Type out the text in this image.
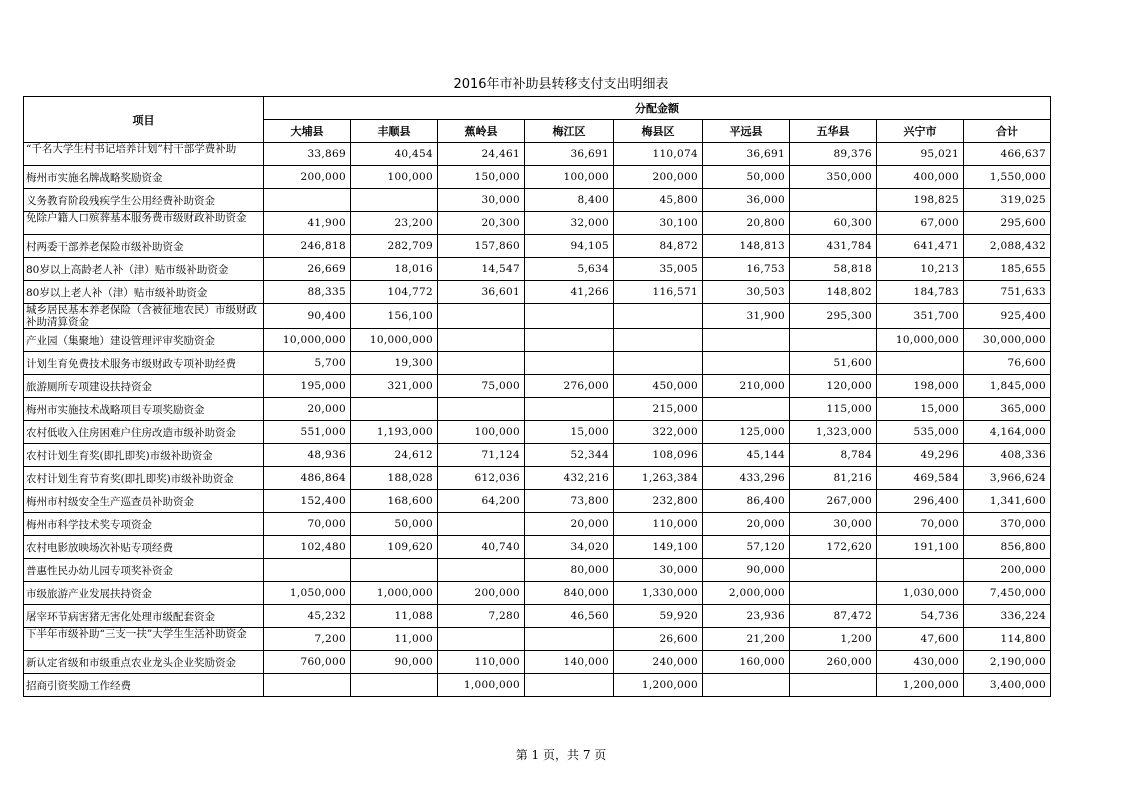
2016年市补助县转移支付支出明细表
项目	分配金额								
	大埔县	丰顺县	蕉岭县	梅江区	梅县区	平远县	五华县	兴宁市	合计
“千名大学生村书记培养计划”村干部学费补助	33,869	40,454	24,461	36,691	110,074	36,691	89,376	95,021	466,637
梅州市实施名牌战略奖励资金	200,000	100,000	150,000	100,000	200,000	50,000	350,000	400,000	1,550,000
义务教育阶段残疾学生公用经费补助资金			30,000	8,400	45,800	36,000		198,825	319,025
免除户籍人口殡葬基本服务费市级财政补助资金	41,900	23,200	20,300	32,000	30,100	20,800	60,300	67,000	295,600
村两委干部养老保险市级补助资金	246,818	282,709	157,860	94,105	84,872	148,813	431,784	641,471	2,088,432
80岁以上高龄老人补（津）贴市级补助资金	26,669	18,016	14,547	5,634	35,005	16,753	58,818	10,213	185,655
80岁以上老人补（津）贴市级补助资金	88,335	104,772	36,601	41,266	116,571	30,503	148,802	184,783	751,633
城乡居民基本养老保险（含被征地农民）市级财政补助清算资金	90,400	156,100				31,900	295,300	351,700	925,400
产业园（集聚地）建设管理评审奖励资金	10,000,000	10,000,000						10,000,000	30,000,000
计划生育免费技术服务市级财政专项补助经费	5,700	19,300					51,600		76,600
旅游厕所专项建设扶持资金	195,000	321,000	75,000	276,000	450,000	210,000	120,000	198,000	1,845,000
梅州市实施技术战略项目专项奖励资金	20,000				215,000		115,000	15,000	365,000
农村低收入住房困难户住房改造市级补助资金	551,000	1,193,000	100,000	15,000	322,000	125,000	1,323,000	535,000	4,164,000
农村计划生育奖(即扎即奖)市级补助资金	48,936	24,612	71,124	52,344	108,096	45,144	8,784	49,296	408,336
农村计划生育节育奖(即扎即奖)市级补助资金	486,864	188,028	612,036	432,216	1,263,384	433,296	81,216	469,584	3,966,624
梅州市村级安全生产巡查员补助资金	152,400	168,600	64,200	73,800	232,800	86,400	267,000	296,400	1,341,600
梅州市科学技术奖专项资金	70,000	50,000		20,000	110,000	20,000	30,000	70,000	370,000
农村电影放映场次补贴专项经费	102,480	109,620	40,740	34,020	149,100	57,120	172,620	191,100	856,800
普惠性民办幼儿园专项奖补资金				80,000	30,000	90,000			200,000
市级旅游产业发展扶持资金	1,050,000	1,000,000	200,000	840,000	1,330,000	2,000,000		1,030,000	7,450,000
屠宰环节病害猪无害化处理市级配套资金	45,232	11,088	7,280	46,560	59,920	23,936	87,472	54,736	336,224
下半年市级补助“三支一扶”大学生生活补助资金	7,200	11,000			26,600	21,200	1,200	47,600	114,800
新认定省级和市级重点农业龙头企业奖励资金	760,000	90,000	110,000	140,000	240,000	160,000	260,000	430,000	2,190,000
招商引资奖励工作经费			1,000,000		1,200,000			1,200,000	3,400,000
第 1 页，共 7 页
